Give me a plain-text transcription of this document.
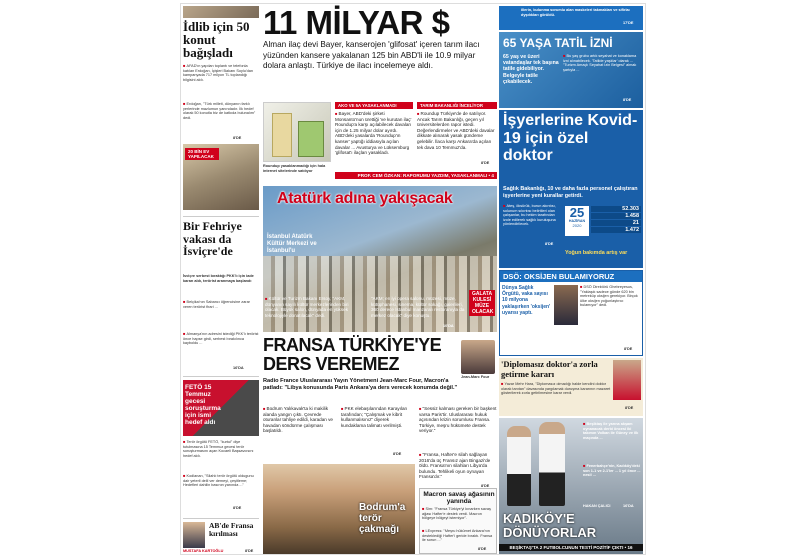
İdlib için 50 konut bağışladı
■ AFAD'ın yapılan toplantı ve telefonla katılan Erdoğan, İçişleri Bakanı Soylu'dan kampanyada 717 milyon TL toplandığı bilgisini aldı.
■ Erdoğan, "Türk milleti, dünyanın farklı yerlerinde mazlumun yanındadır. İlk hedef olarak 50 konutla biz de katkıda bulunalım" dedi.
8'DE
20 BİN EV YAPILACAK
Bir Fehriye vakası da İsviçre'de
İsviçre serbest bıraktığı PKK'lı için iade kararı aldı, terörist aranmaya başlandı
■ Belçika'nın Sabancı öğrencisine zarar veren terörist firari ...
■ Almanya'nın adresini istediği PKK'lı terörist önce hapse girdi, serbest bırakılınca kayboldu ...
16'DA
FETÖ 15 Temmuz gecesi soruşturma için ismi hedef aldı
■ Terör örgütü FETÖ, "kurtul" diye tutulmasına 15 Temmuz gecesi terör soruşturmasını açan Kocaeli Başsavcısını hedef aldı.
■ Kodlanan, "Silahlı terör örgütü oldugunu dair yeterli delil ver demeyi, çeşitleme; Hedefleri dahilin basının yanında ..."
8'DE
AB'de Fransa kırılması
MUSTAFA KARTOĞLU	8'DE
11 MİLYAR $
Alman ilaç devi Bayer, kanserojen 'glifosat' içeren tarım ilacı yüzünden kansere yakalanan 125 bin ABD'li ile 10.9 milyar dolara anlaştı. Türkiye de ilacı incelemeye aldı.
Roundup yasaklanmadığı için hala internet sitelerinde satılıyor
AKO VE 5A YASAKLANMADI
■ Bayer, ABD'deki şirketi Monsanto'nun ürettiği 've kurutan ilaç' Roundup'a karşı açılabilecek davaları için de 1.25 milyar dolar ayırdı. ABD'deki yasalarda 'Roundup'ın kanser' yaptığı iddiasıyla açılan davalar ... Avusturya ve Lüksemburg 'glifosat'ı ilaçları yasakladı.
TARIM BAKANLIĞI İNCELİYOR
■ Roundup Türkiye'de de satılıyor. Ancak Tarım Bakanlığı, geçen yıl üniversitelerden rapor istedi. Değerlendirmeler ve ABD'deki davalar dikkate alınarak yasak gündeme gelebilir. İlaca karşı Ankara'da açılan tek dava 10 Temmuz'da.
8'DE
PROF. CEM ÖZKAN: RAPORUMU YAZDIM, YASAKLANMALI • 4
Atatürk adına yakışacak
İstanbul Atatürk Kültür Merkezi ve İstanbul'u
■ Kültür ve Turizm Bakanı Ersoy, "AKM, dünyanın sayılı kültür merkezlerinden biri olacak. Büyük salon, dünyada en yüksek teknolojiyle donatılacak" dedi.
"AKM; en iyi opera salonu, müzesi, müze, kütüphanesi, sinema, kültür sokağı, galerileri, 360 derece İstanbul manzaralı restoranıyla da merkez olacak" diye konuştu.
10'DA
GALATA KULESİ MÜZE OLACAK
FRANSA TÜRKİYE'YE DERS VEREMEZ
Jean-Marc Four
Radio France Uluslararası Yayın Yönetmeni Jean-Marc Four, Macron'a patladı: "Libya konusunda Paris Ankara'ya ders verecek konumda değil."
■ Bodrum Yalıkavak'ta ki makilik alanda yangın çıktı. Çevrede oturanlar tahliye edildi, karadan ve havadan söndürme çalışması başlatıldı.
■ PKK elebaşılarından Karayılan tarafından; "Çalışmak ve kibrit kullanmalısınız" diyerek kundaklama talimatı verilmişti.
8'DE
■ "Sessiz kalması gereken bir başkent varsa Paris'tir. Uluslararası hukuk açısından krizin sorumlusu Fransa. Türkiye, meşru hükümete destek veriyor."
■ "Fransa, Hafter'e silah sağlayan 2016'da üç Fransız ajan Bingazi'de öldü. Fransa'nın silahları Libya'da bulundu. Tehlikeli oyun oynayan Fransa'dır."
8'DE
Bodrum'a terör çakmağı
Macron savaş ağasının yanında
■ Sim: "Fransa Türkiye'yi kınarken savaş ağası Hafter'e destek verdi. Macron bölgeye bölgeyi istemiyor".
■ LExpress: "Meşru hükümet Ankara'nın desteklediği Hafter'i geride bıraktı. Fransa ile sorun ..."
8'DE
illerin, bulunma sorumlu alan maskeleri takmakları ve sifirlaı dyşdıkları görüldü.
17'DE
65 YAŞA TATİL İZNİ
65 yaş ve üzeri vatandaşlar tek başına tatile gidebiliyor. Belgeyle tatile çıkabilecek.
■ Bu yaş grubu artık seyahat ve konaklama izni alınabilecek. 'Tatilde yaşlılar' olarak ... "Turizm Amaçlı Seyahat İzin Belgesi" almak şartıyla ...
8'DE
İşyerlerine Kovid-19 için özel doktor
Sağlık Bakanlığı, 10 ve daha fazla personel çalıştıran işyerlerine yeni kurallar getirdi.
■ Ateş, öksürük, burun akıntısı, solunum sıkıntısı belirtileri olan çalışanlar, bu hekim tarafından izole edilerek sağlık kuruluşuna yönlendirilecek.
8'DE
25
HAZİRAN
2020
52.303
1.458
21
1.472
Yoğun bakımda artış var
DSÖ: OKSİJEN BULAMIYORUZ
Dünya Sağlık Örgütü, vaka sayısı 10 milyona yaklaşırken 'oksijen' uyarısı yaptı.
■ DSÖ Direktörü Ghebreyesus, "Yaklaşık sadece günde 620 bin metreküp oksijen gerekiyor. Birçok ülke oksijen yoğunlaştırıcı bulamıyor" dedi.
8'DE
'Diplomasız doktor'a zorla getirme kararı
■ Yazar Mehr Hara, "Diplomasız olmadığı halde kendini doktor olarak tanıtan" davasında yargılamak duruşma kararının mazaret gösterilerek zorla getirilmesine karar verdi.
8'DE
■ Beşiktaş ile yarına akşam oynanacak derbi öncesi iki takımın Volkan ile Güney ve ilk maçında ...
■ Fenerbahçe'nin, Kadıköy'deki son 1-1 ve 2-1'ler ... 1 yıl önce ... nesil ...
KADIKÖY'E DÖNÜYORLAR
HAKAN ÇALICI	16'DA
BEŞİKTAŞ'TA 2 FUTBOLCUNUN TESTİ POZİTİF ÇIKTI • 16
